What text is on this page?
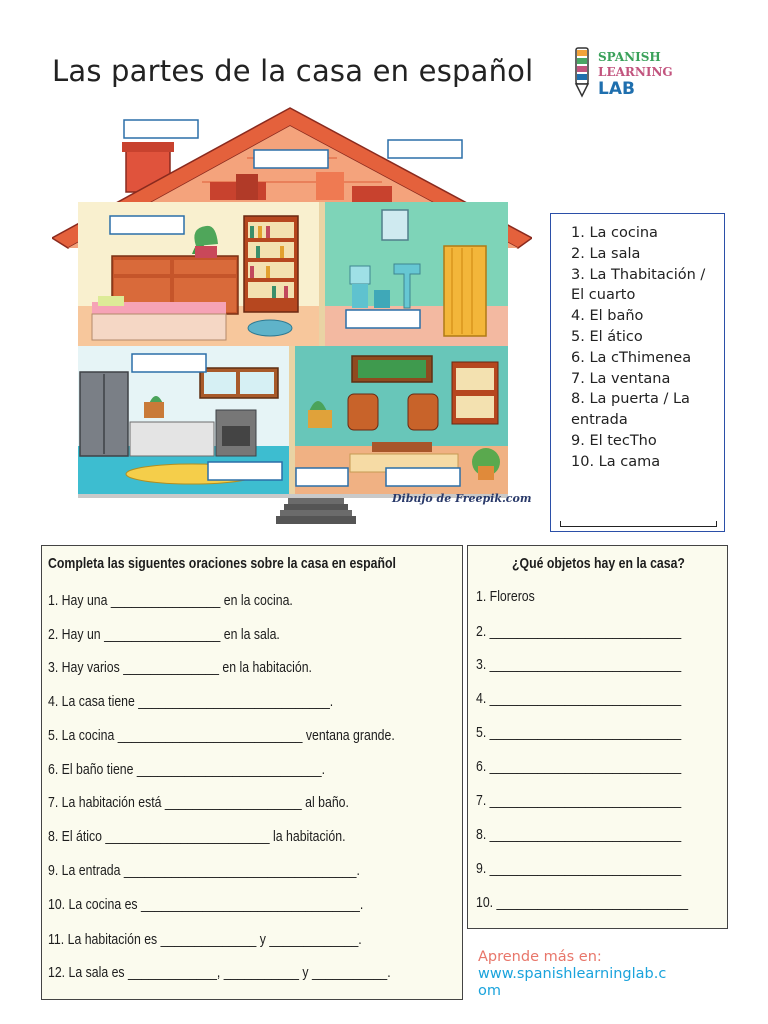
Las partes de la casa en español	SPANISH
LEARNING
LAB
Dibujo de Freepik.com
1. La cocina
2. La sala
3. La Thabitación / El cuarto
4. El baño
5. El ático
6. La cThimenea
7. La ventana
8. La puerta / La entrada
9. El tecTho
10. La cama
Completa las siguentes oraciones sobre la casa en español
1. Hay una ________________ en la cocina.
2. Hay un _________________ en la sala.
3. Hay varios ______________ en la habitación.
4. La casa tiene ____________________________.
5. La cocina ___________________________ ventana grande.
6. El baño tiene ___________________________.
7. La habitación está ____________________ al baño.
8. El ático ________________________ la habitación.
9. La entrada __________________________________.
10. La cocina es ________________________________.
11. La habitación es ______________ y _____________.
12. La sala es _____________, ___________ y ___________.
¿Qué objetos hay en la casa?
1. Floreros
2. ____________________________
3. ____________________________
4. ____________________________
5. ____________________________
6. ____________________________
7. ____________________________
8. ____________________________
9. ____________________________
10. ____________________________
Aprende más en:
www.spanishlearninglab.com
